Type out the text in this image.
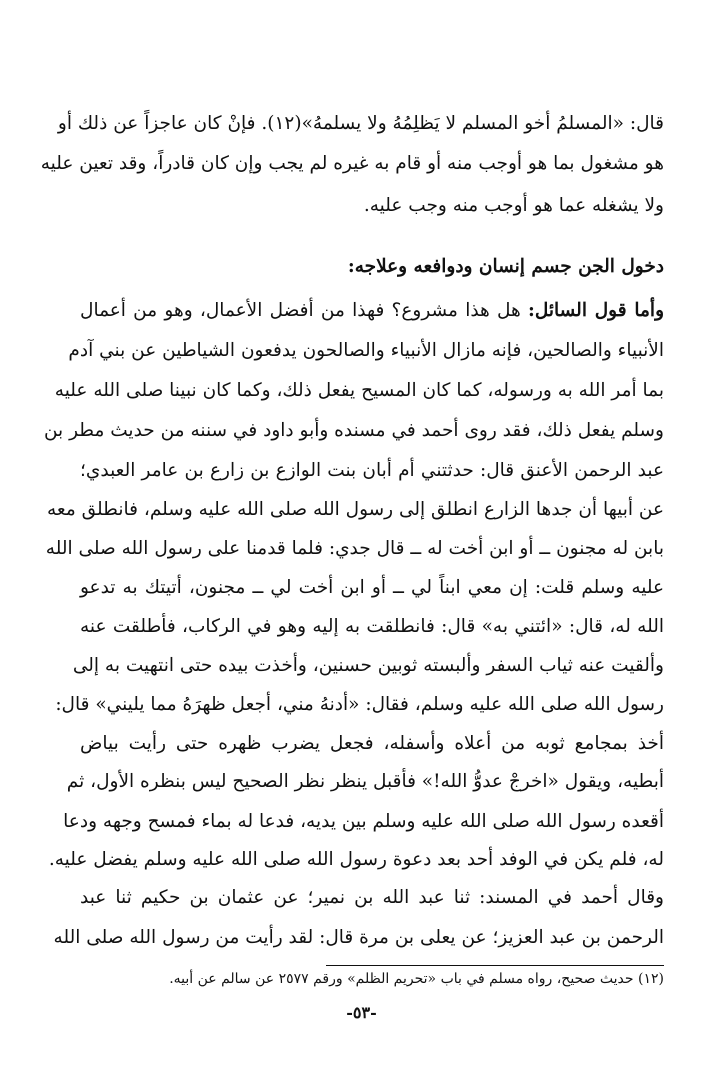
قال: «المسلمُ أخو المسلم لا يَظلِمُهُ ولا يسلمهُ»(١٢). فإنْ كان عاجزاً عن ذلك أو
هو مشغول بما هو أوجب منه أو قام به غيره لم يجب وإن كان قادراً، وقد تعين عليه
ولا يشغله عما هو أوجب منه وجب عليه.
دخول الجن جسم إنسان ودوافعه وعلاجه:
وأما قول السائل: هل هذا مشروع؟ فهذا من أفضل الأعمال، وهو من أعمال
الأنبياء والصالحين، فإنه مازال الأنبياء والصالحون يدفعون الشياطين عن بني آدم
بما أمر الله به ورسوله، كما كان المسيح يفعل ذلك، وكما كان نبينا صلى الله عليه
وسلم يفعل ذلك، فقد روى أحمد في مسنده وأبو داود في سننه من حديث مطر بن
عبد الرحمن الأعنق قال: حدثتني أم أبان بنت الوازع بن زارع بن عامر العبدي؛
عن أبيها أن جدها الزارع انطلق إلى رسول الله صلى الله عليه وسلم، فانطلق معه
بابن له مجنون ــ أو ابن أخت له ــ قال جدي: فلما قدمنا على رسول الله صلى الله
عليه وسلم قلت: إن معي ابناً لي ــ أو ابن أخت لي ــ مجنون، أتيتك به تدعو
الله له، قال: «ائتني به» قال: فانطلقت به إليه وهو في الركاب، فأطلقت عنه
وألقيت عنه ثياب السفر وألبسته ثوبين حسنين، وأخذت بيده حتى انتهيت به إلى
رسول الله صلى الله عليه وسلم، فقال: «أدنهُ مني، أجعل ظهرَهُ مما يليني» قال:
أخذ بمجامع ثوبه من أعلاه وأسفله، فجعل يضرب ظهره حتى رأيت بياض
أبطيه، ويقول «اخرجْ عدوُّ الله!» فأقبل ينظر نظر الصحيح ليس بنظره الأول، ثم
أقعده رسول الله صلى الله عليه وسلم بين يديه، فدعا له بماء فمسح وجهه ودعا
له، فلم يكن في الوفد أحد بعد دعوة رسول الله صلى الله عليه وسلم يفضل عليه.
وقال أحمد في المسند: ثنا عبد الله بن نمير؛ عن عثمان بن حكيم ثنا عبد
الرحمن بن عبد العزيز؛ عن يعلى بن مرة قال: لقد رأيت من رسول الله صلى الله
(١٢) حديث صحيح، رواه مسلم في باب «تحريم الظلم» ورقم ٢٥٧٧ عن سالم عن أبيه.
-٥٣-
